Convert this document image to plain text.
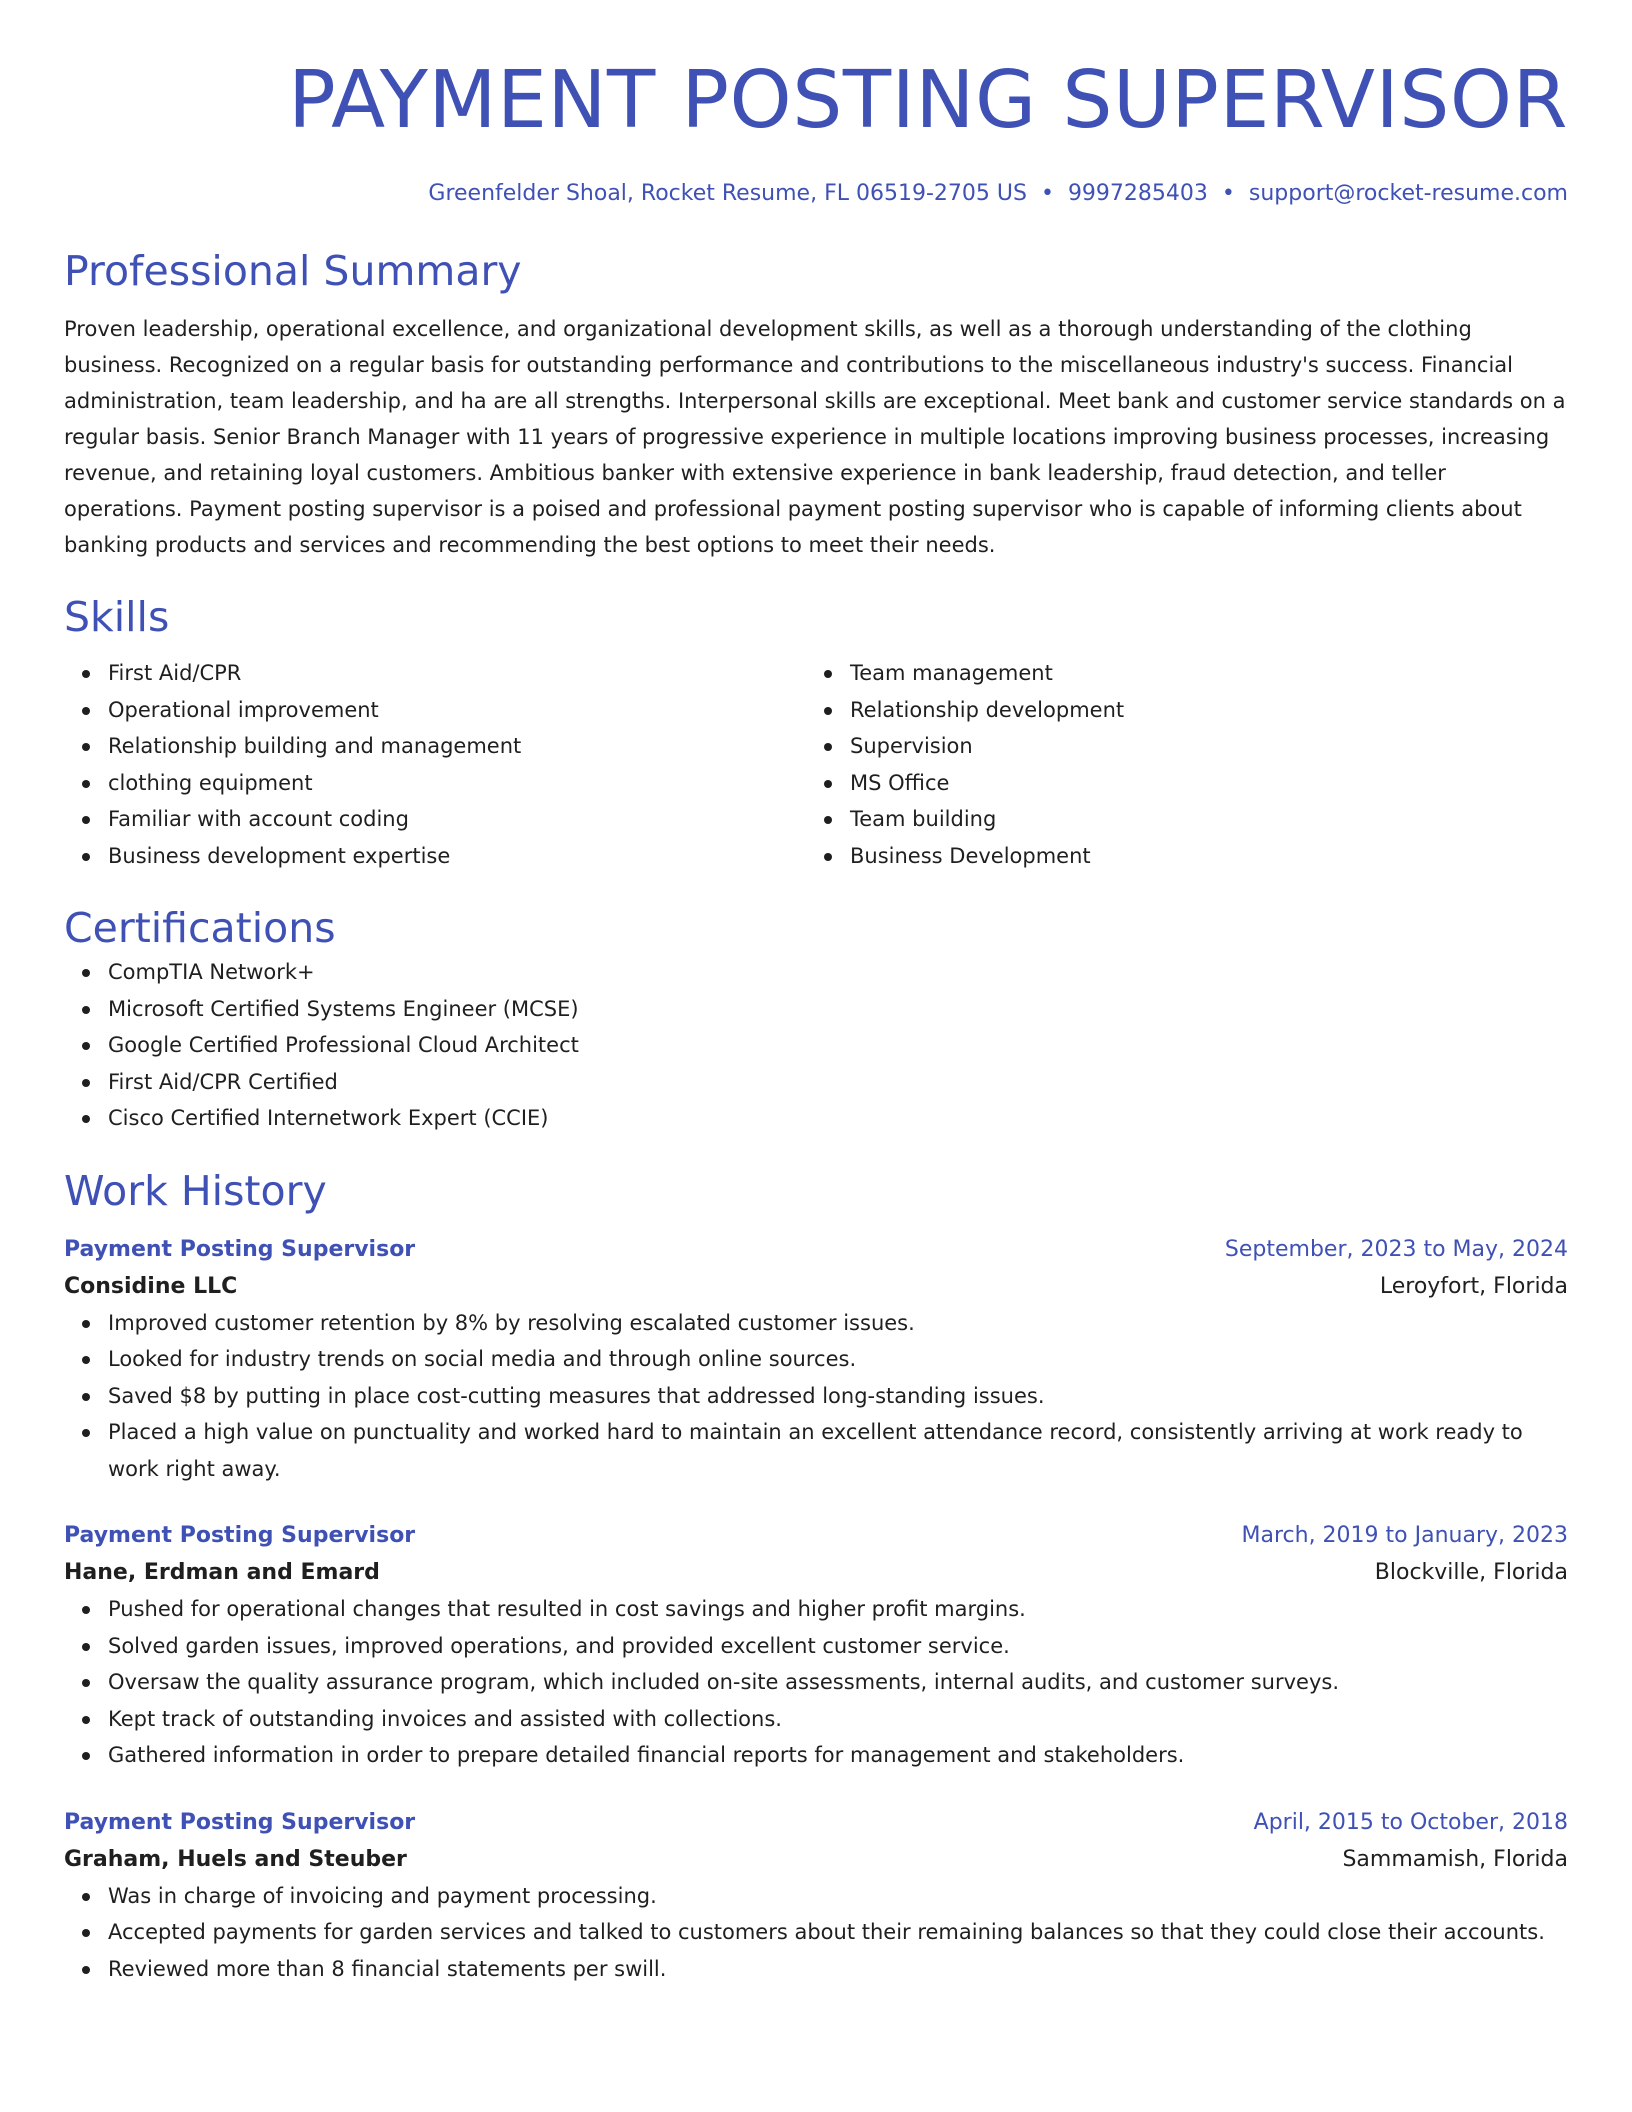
PAYMENT POSTING SUPERVISOR
Greenfelder Shoal, Rocket Resume, FL 06519-2705 US • 9997285403 • support@rocket-resume.com
Professional Summary

Proven leadership, operational excellence, and organizational development skills, as well as a thorough understanding of the clothing business. Recognized on a regular basis for outstanding performance and contributions to the miscellaneous industry's success. Financial administration, team leadership, and ha are all strengths. Interpersonal skills are exceptional. Meet bank and customer service standards on a regular basis. Senior Branch Manager with 11 years of progressive experience in multiple locations improving business processes, increasing revenue, and retaining loyal customers. Ambitious banker with extensive experience in bank leadership, fraud detection, and teller operations. Payment posting supervisor is a poised and professional payment posting supervisor who is capable of informing clients about banking products and services and recommending the best options to meet their needs.

Skills
First Aid/CPR
Operational improvement
Relationship building and management
clothing equipment
Familiar with account coding
Business development expertise
Team management
Relationship development
Supervision
MS Office
Team building
Business Development
Certifications
CompTIA Network+
Microsoft Certified Systems Engineer (MCSE)
Google Certified Professional Cloud Architect
First Aid/CPR Certified
Cisco Certified Internetwork Expert (CCIE)
Work History
Payment Posting Supervisor	September, 2023 to May, 2024
Considine LLC	Leroyfort, Florida
Improved customer retention by 8% by resolving escalated customer issues.
Looked for industry trends on social media and through online sources.
Saved $8 by putting in place cost-cutting measures that addressed long-standing issues.
Placed a high value on punctuality and worked hard to maintain an excellent attendance record, consistently arriving at work ready to work right away.
Payment Posting Supervisor	March, 2019 to January, 2023
Hane, Erdman and Emard	Blockville, Florida
Pushed for operational changes that resulted in cost savings and higher profit margins.
Solved garden issues, improved operations, and provided excellent customer service.
Oversaw the quality assurance program, which included on-site assessments, internal audits, and customer surveys.
Kept track of outstanding invoices and assisted with collections.
Gathered information in order to prepare detailed financial reports for management and stakeholders.
Payment Posting Supervisor	April, 2015 to October, 2018
Graham, Huels and Steuber	Sammamish, Florida
Was in charge of invoicing and payment processing.
Accepted payments for garden services and talked to customers about their remaining balances so that they could close their accounts.
Reviewed more than 8 financial statements per swill.
